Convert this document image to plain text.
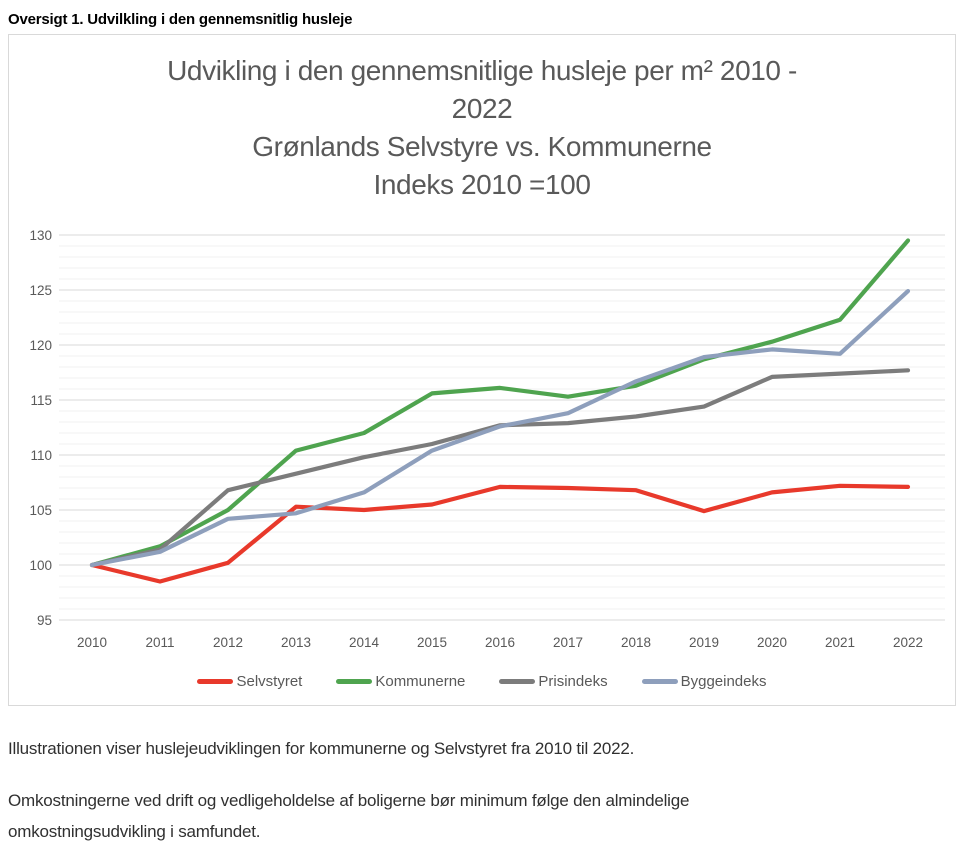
Oversigt 1. Udvilkling i den gennemsnitlig husleje
Udvikling i den gennemsnitlige husleje per m² 2010 -
2022
Grønlands Selvstyre vs. Kommunerne
Indeks 2010 =100
95
100
105
110
115
120
125
130
2010	2011	2012	2013	2014	2015	2016	2017	2018	2019	2020	2021	2022
Selvstyret	Kommunerne	Prisindeks	Byggeindeks

Illustrationen viser huslejeudviklingen for kommunerne og Selvstyret fra 2010 til 2022.

Omkostningerne ved drift og vedligeholdelse af boligerne bør minimum følge den almindelige omkostningsudvikling i samfundet.
